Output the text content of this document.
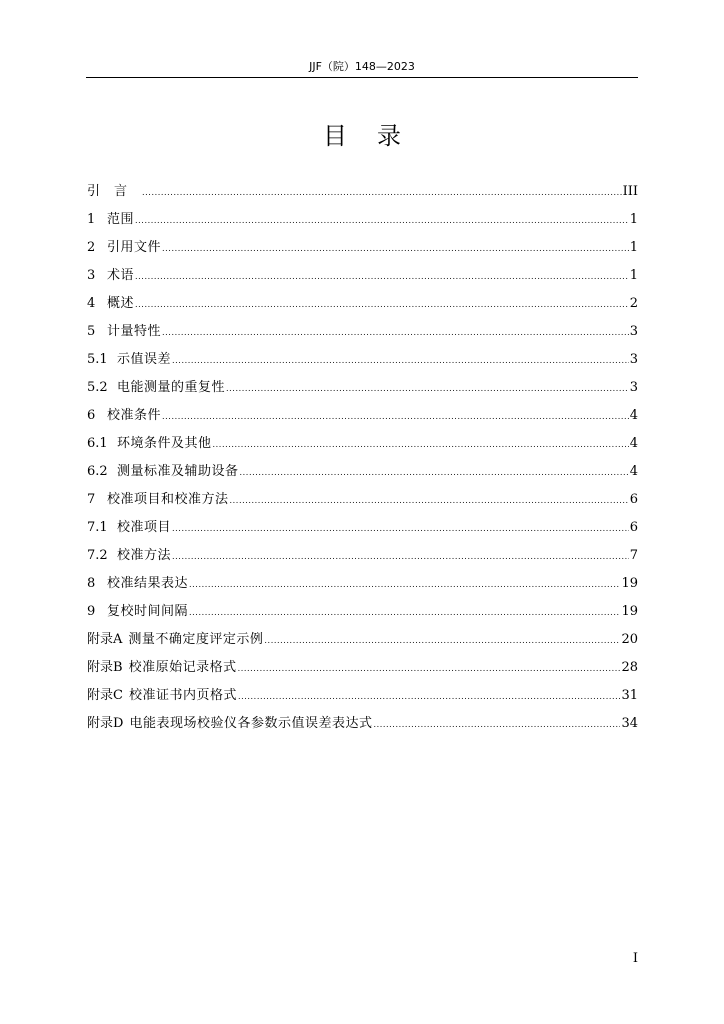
JJF（院）148—2023
目录
引言 .....	III
1 范围 .....	1
2 引用文件 .....	1
3 术语 .....	1
4 概述 .....	2
5 计量特性 .....	3
5.1 示值误差 .....	3
5.2 电能测量的重复性 .....	3
6 校准条件 .....	4
6.1 环境条件及其他 .....	4
6.2 测量标准及辅助设备 .....	4
7 校准项目和校准方法 .....	6
7.1 校准项目 .....	6
7.2 校准方法 .....	7
8 校准结果表达 .....	19
9 复校时间间隔 .....	19
附录A 测量不确定度评定示例 .....	20
附录B 校准原始记录格式 .....	28
附录C 校准证书内页格式 .....	31
附录D 电能表现场校验仪各参数示值误差表达式 .....	34
I
